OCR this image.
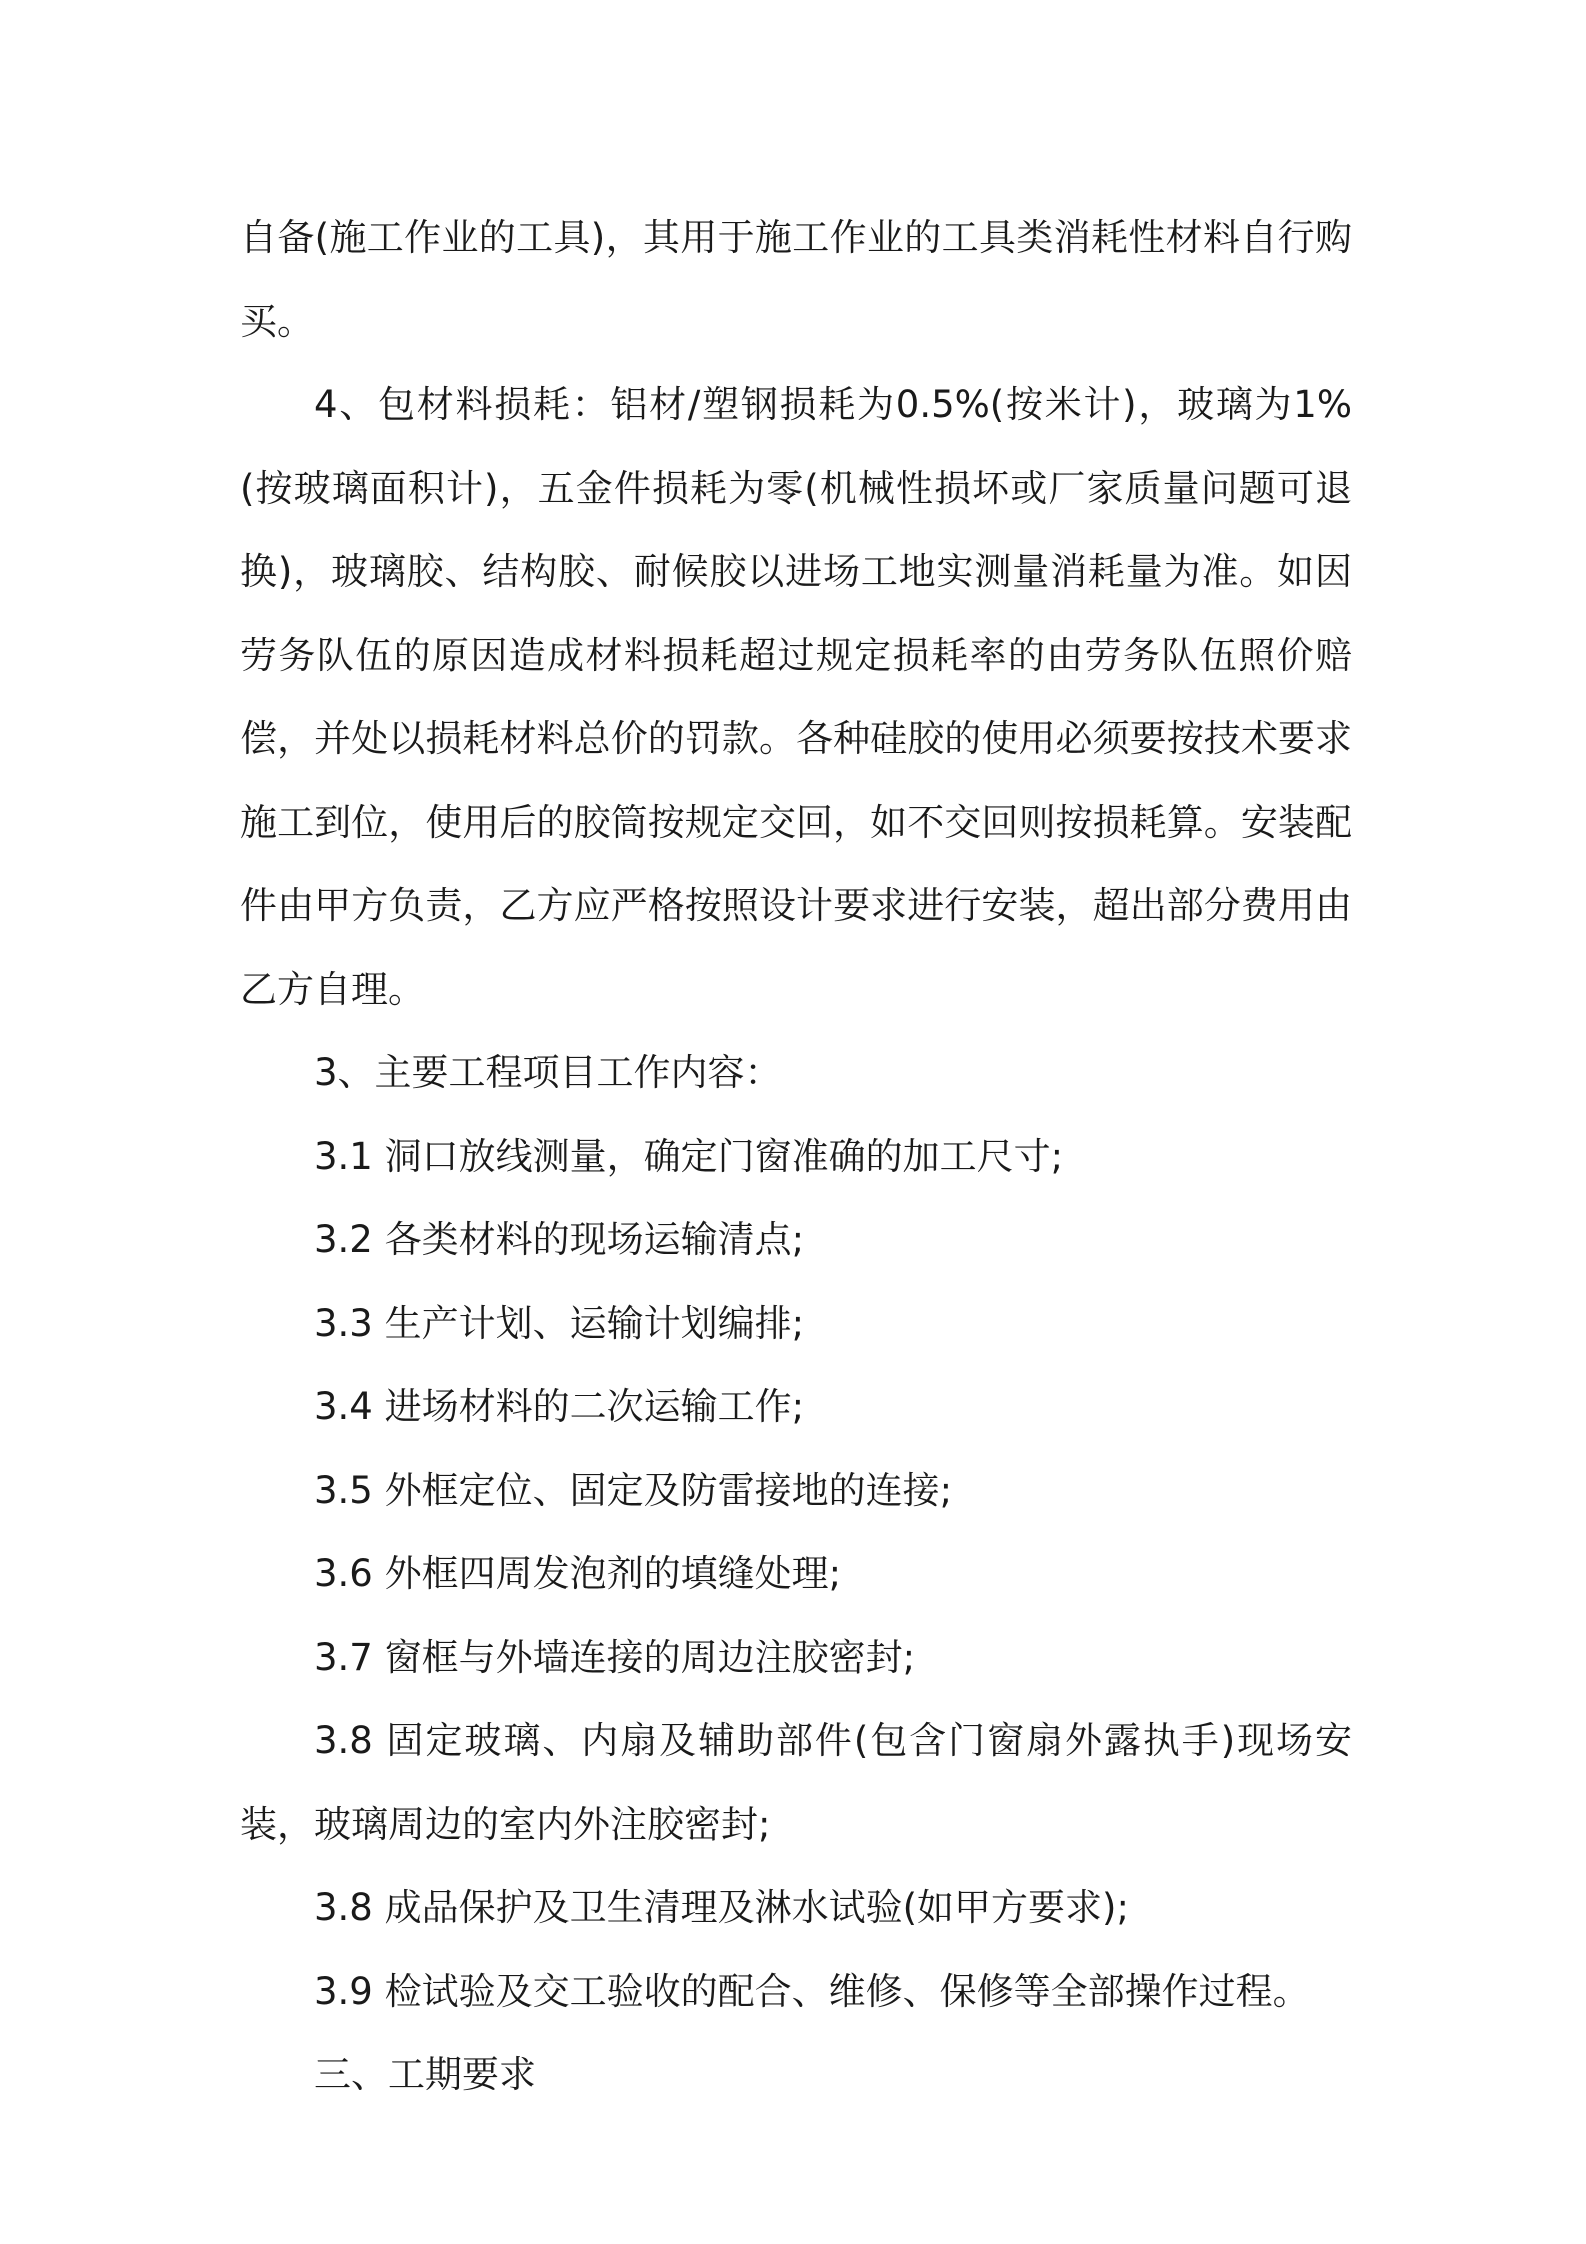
自备(施工作业的工具)，其用于施工作业的工具类消耗性材料自行购买。

4、包材料损耗：铝材/塑钢损耗为0.5%(按米计)，玻璃为1%(按玻璃面积计)，五金件损耗为零(机械性损坏或厂家质量问题可退换)，玻璃胶、结构胶、耐候胶以进场工地实测量消耗量为准。如因劳务队伍的原因造成材料损耗超过规定损耗率的由劳务队伍照价赔偿，并处以损耗材料总价的罚款。各种硅胶的使用必须要按技术要求施工到位，使用后的胶筒按规定交回，如不交回则按损耗算。安装配件由甲方负责，乙方应严格按照设计要求进行安装，超出部分费用由乙方自理。

3、主要工程项目工作内容：

3.1 洞口放线测量，确定门窗准确的加工尺寸;

3.2 各类材料的现场运输清点;

3.3 生产计划、运输计划编排;

3.4 进场材料的二次运输工作;

3.5 外框定位、固定及防雷接地的连接;

3.6 外框四周发泡剂的填缝处理;

3.7 窗框与外墙连接的周边注胶密封;

3.8 固定玻璃、内扇及辅助部件(包含门窗扇外露执手)现场安装，玻璃周边的室内外注胶密封;

3.8 成品保护及卫生清理及淋水试验(如甲方要求);

3.9 检试验及交工验收的配合、维修、保修等全部操作过程。

三、工期要求
